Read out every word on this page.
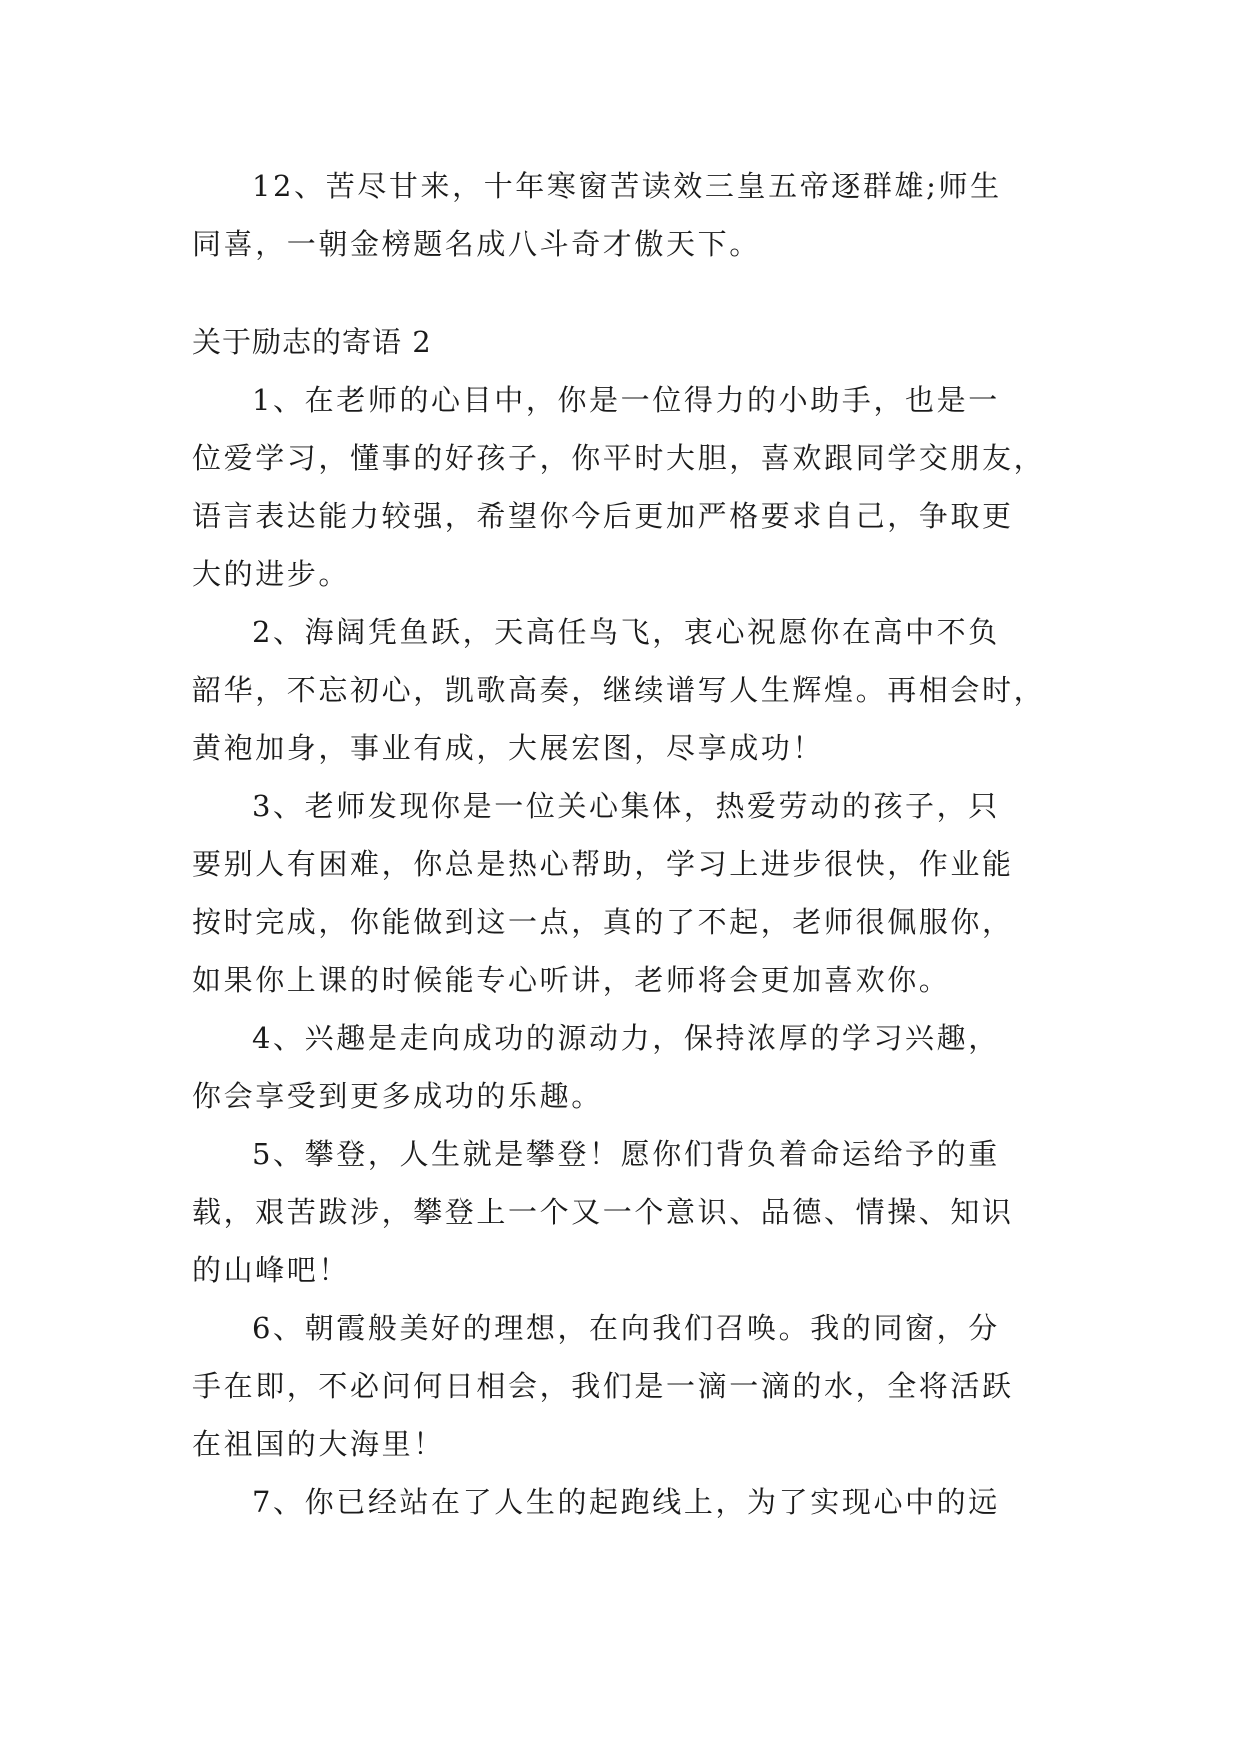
12、苦尽甘来，十年寒窗苦读效三皇五帝逐群雄;师生
同喜，一朝金榜题名成八斗奇才傲天下。
关于励志的寄语 2
1、在老师的心目中，你是一位得力的小助手，也是一
位爱学习，懂事的好孩子，你平时大胆，喜欢跟同学交朋友，
语言表达能力较强，希望你今后更加严格要求自己，争取更
大的进步。
2、海阔凭鱼跃，天高任鸟飞，衷心祝愿你在高中不负
韶华，不忘初心，凯歌高奏，继续谱写人生辉煌。再相会时，
黄袍加身，事业有成，大展宏图，尽享成功！
3、老师发现你是一位关心集体，热爱劳动的孩子，只
要别人有困难，你总是热心帮助，学习上进步很快，作业能
按时完成，你能做到这一点，真的了不起，老师很佩服你，
如果你上课的时候能专心听讲，老师将会更加喜欢你。
4、兴趣是走向成功的源动力，保持浓厚的学习兴趣，
你会享受到更多成功的乐趣。
5、攀登，人生就是攀登！愿你们背负着命运给予的重
载，艰苦跋涉，攀登上一个又一个意识、品德、情操、知识
的山峰吧！
6、朝霞般美好的理想，在向我们召唤。我的同窗，分
手在即，不必问何日相会，我们是一滴一滴的水，全将活跃
在祖国的大海里！
7、你已经站在了人生的起跑线上，为了实现心中的远
